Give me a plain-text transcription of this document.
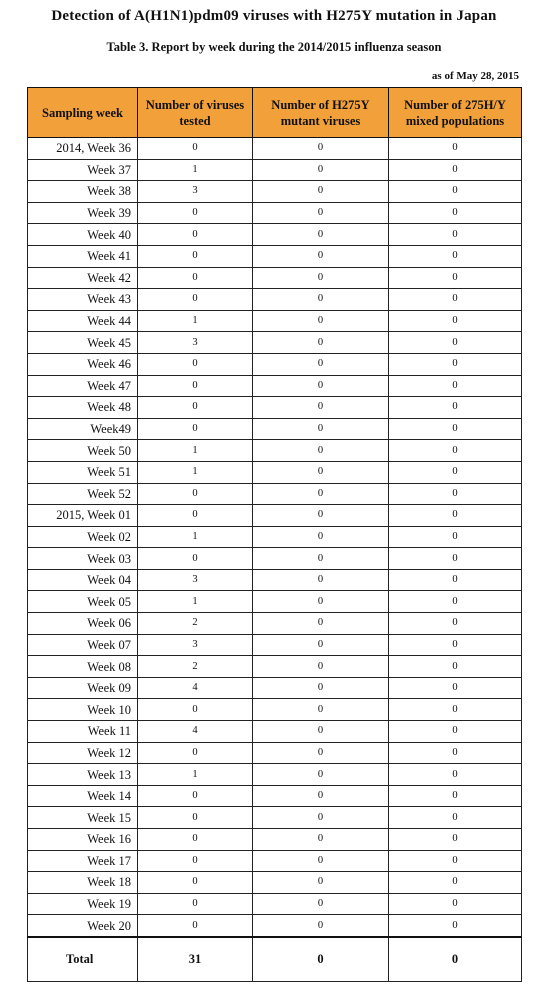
Detection of A(H1N1)pdm09 viruses with H275Y mutation in Japan
Table 3. Report by week during the 2014/2015 influenza season
as of May 28, 2015
Sampling week	Number of viruses tested	Number of H275Y mutant viruses	Number of 275H/Y mixed populations
2014, Week 36	0	0	0
Week 37	1	0	0
Week 38	3	0	0
Week 39	0	0	0
Week 40	0	0	0
Week 41	0	0	0
Week 42	0	0	0
Week 43	0	0	0
Week 44	1	0	0
Week 45	3	0	0
Week 46	0	0	0
Week 47	0	0	0
Week 48	0	0	0
Week49	0	0	0
Week 50	1	0	0
Week 51	1	0	0
Week 52	0	0	0
2015, Week 01	0	0	0
Week 02	1	0	0
Week 03	0	0	0
Week 04	3	0	0
Week 05	1	0	0
Week 06	2	0	0
Week 07	3	0	0
Week 08	2	0	0
Week 09	4	0	0
Week 10	0	0	0
Week 11	4	0	0
Week 12	0	0	0
Week 13	1	0	0
Week 14	0	0	0
Week 15	0	0	0
Week 16	0	0	0
Week 17	0	0	0
Week 18	0	0	0
Week 19	0	0	0
Week 20	0	0	0
Total	31	0	0
